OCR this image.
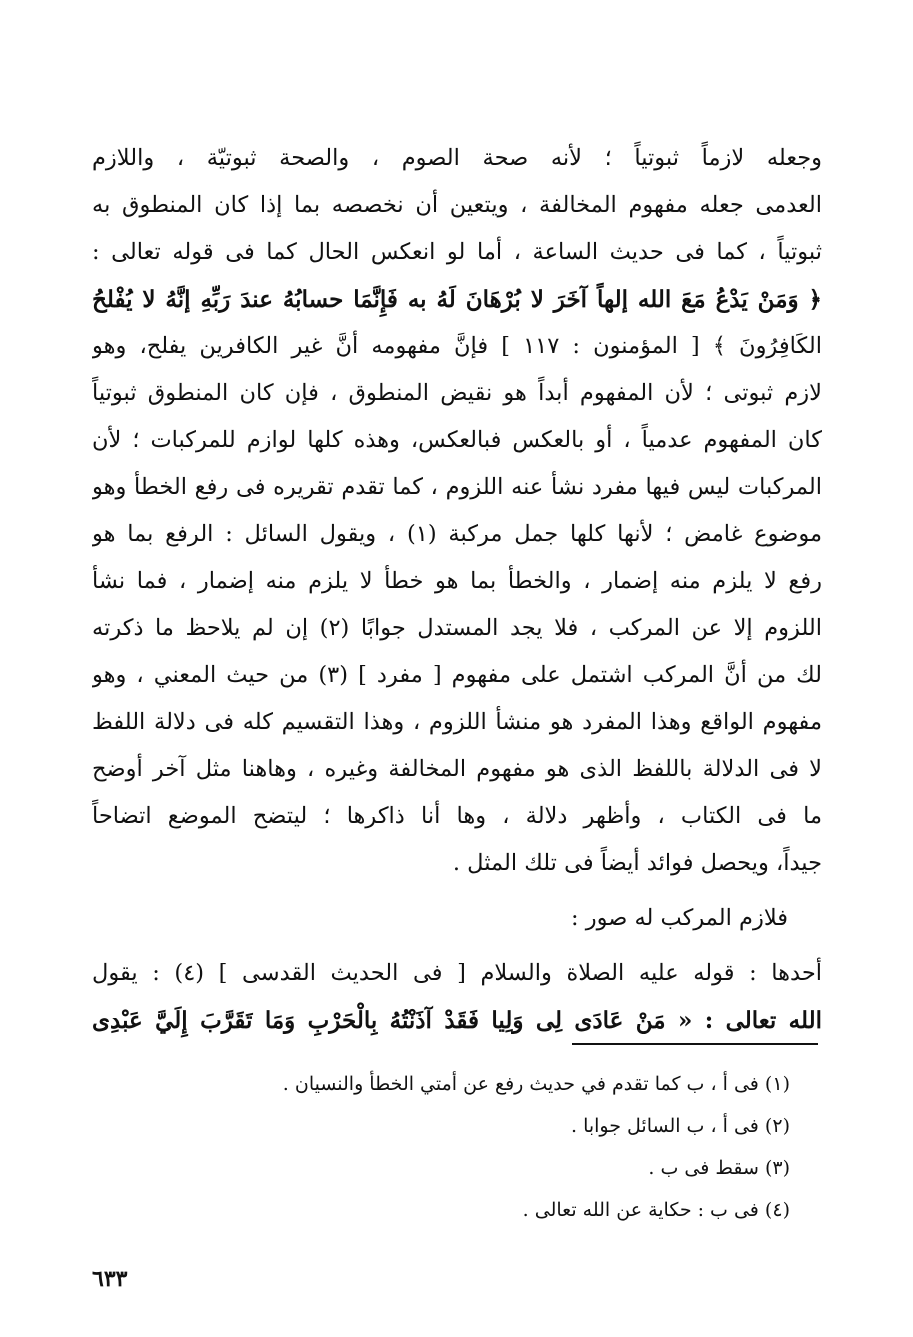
وجعله لازماً ثبوتياً ؛ لأنه صحة الصوم ، والصحة ثبوتيّة ، واللازم
العدمى جعله مفهوم المخالفة ، ويتعين أن نخصصه بما إذا كان المنطوق به
ثبوتياً ، كما فى حديث الساعة ، أما لو انعكس الحال كما فى قوله تعالى :
﴿ وَمَنْ يَدْعُ مَعَ الله إلهاً آخَرَ لا بُرْهَانَ لَهُ به فَإِنَّمَا حسابُهُ عندَ رَبِّهِ إنَّهُ لا يُفْلحُ
الكَافِرُونَ ﴾ [ المؤمنون : ١١٧ ] فإنَّ مفهومه أنَّ غير الكافرين يفلح، وهو
لازم ثبوتى ؛ لأن المفهوم أبداً هو نقيض المنطوق ، فإن كان المنطوق ثبوتياً
كان المفهوم عدمياً ، أو بالعكس فبالعكس، وهذه كلها لوازم للمركبات ؛ لأن
المركبات ليس فيها مفرد نشأ عنه اللزوم ، كما تقدم تقريره فى رفع الخطأ وهو
موضوع غامض ؛ لأنها كلها جمل مركبة (١) ، ويقول السائل : الرفع بما هو
رفع لا يلزم منه إضمار ، والخطأ بما هو خطأ لا يلزم منه إضمار ، فما نشأ
اللزوم إلا عن المركب ، فلا يجد المستدل جوابًا (٢) إن لم يلاحظ ما ذكرته
لك من أنَّ المركب اشتمل على مفهوم [ مفرد ] (٣) من حيث المعني ، وهو
مفهوم الواقع وهذا المفرد هو منشأ اللزوم ، وهذا التقسيم كله فى دلالة اللفظ
لا فى الدلالة باللفظ الذى هو مفهوم المخالفة وغيره ، وهاهنا مثل آخر أوضح
ما فى الكتاب ، وأظهر دلالة ، وها أنا ذاكرها ؛ ليتضح الموضع اتضاحاً
جيداً، ويحصل فوائد أيضاً فى تلك المثل .
فلازم المركب له صور :
أحدها : قوله عليه الصلاة والسلام [ فى الحديث القدسى ] (٤) : يقول
الله تعالى : « مَنْ عَادَى لِى وَلِيا فَقَدْ آذَنْتُهُ بِالْحَرْبِ وَمَا تَقَرَّبَ إِلَيَّ عَبْدِى
(١) فى أ ، ب كما تقدم في حديث رفع عن أمتي الخطأ والنسيان .
(٢) فى أ ، ب السائل جوابا .
(٣) سقط فى ب .
(٤) فى ب : حكاية عن الله تعالى .
٦٣٣
